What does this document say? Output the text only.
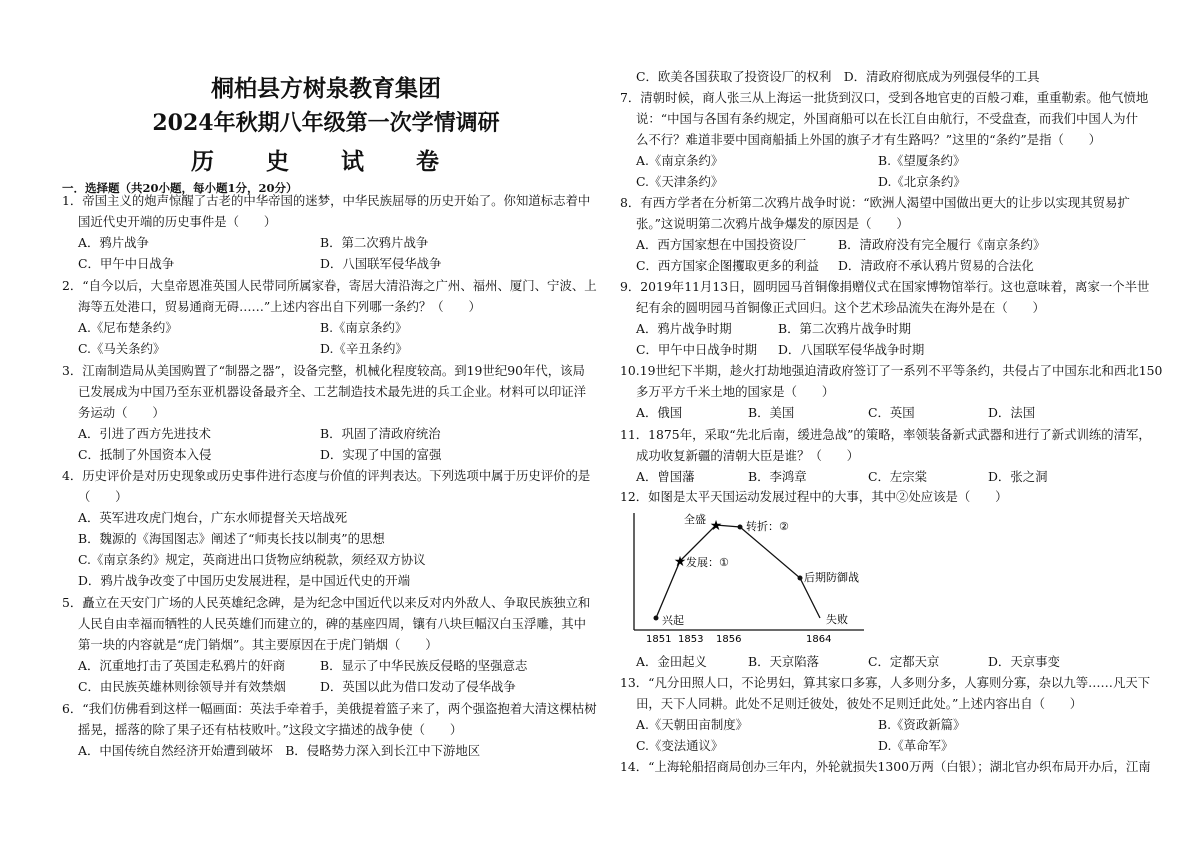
桐柏县方树泉教育集团
2024年秋期八年级第一次学情调研
历 史 试 卷
一．选择题（共20小题，每小题1分，20分）
1．帝国主义的炮声惊醒了古老的中华帝国的迷梦，中华民族屈辱的历史开始了。你知道标志着中
国近代史开端的历史事件是（　　）
A．鸦片战争	B．第二次鸦片战争
C．甲午中日战争	D．八国联军侵华战争
2．“自今以后，大皇帝恩准英国人民带同所属家眷，寄居大清沿海之广州、福州、厦门、宁波、上
海等五处港口，贸易通商无碍……”上述内容出自下列哪一条约？（　　）
A.《尼布楚条约》	B.《南京条约》
C.《马关条约》	D.《辛丑条约》
3．江南制造局从美国购置了“制器之器”，设备完整，机械化程度较高。到19世纪90年代，该局
已发展成为中国乃至东亚机器设备最齐全、工艺制造技术最先进的兵工企业。材料可以印证洋
务运动（　　）
A．引进了西方先进技术	B．巩固了清政府统治
C．抵制了外国资本入侵	D．实现了中国的富强
4．历史评价是对历史现象或历史事件进行态度与价值的评判表达。下列选项中属于历史评价的是
（　　）
A．英军进攻虎门炮台，广东水师提督关天培战死
B．魏源的《海国图志》阐述了“师夷长技以制夷”的思想
C.《南京条约》规定，英商进出口货物应纳税款，须经双方协议
D．鸦片战争改变了中国历史发展进程，是中国近代史的开端
5．矗立在天安门广场的人民英雄纪念碑，是为纪念中国近代以来反对内外敌人、争取民族独立和
人民自由幸福而牺牲的人民英雄们而建立的，碑的基座四周，镶有八块巨幅汉白玉浮雕，其中
第一块的内容就是“虎门销烟”。其主要原因在于虎门销烟（　　）
A．沉重地打击了英国走私鸦片的奸商	B．显示了中华民族反侵略的坚强意志
C．由民族英雄林则徐领导并有效禁烟	D．英国以此为借口发动了侵华战争
6．“我们仿佛看到这样一幅画面：英法手牵着手，美俄提着篮子来了，两个强盗抱着大清这棵枯树
摇晃，摇落的除了果子还有枯枝败叶。”这段文字描述的战争使（　　）
A．中国传统自然经济开始遭到破坏　B．侵略势力深入到长江中下游地区
C．欧美各国获取了投资设厂的权利　D．清政府彻底成为列强侵华的工具
7．清朝时候，商人张三从上海运一批货到汉口，受到各地官吏的百般刁难，重重勒索。他气愤地
说：“中国与各国有条约规定，外国商船可以在长江自由航行，不受盘查，而我们中国人为什
么不行？难道非要中国商船插上外国的旗子才有生路吗？”这里的“条约”是指（　　）
A.《南京条约》	B.《望厦条约》
C.《天津条约》	D.《北京条约》
8．有西方学者在分析第二次鸦片战争时说：“欧洲人渴望中国做出更大的让步以实现其贸易扩
张。”这说明第二次鸦片战争爆发的原因是（　　）
A．西方国家想在中国投资设厂	B．清政府没有完全履行《南京条约》
C．西方国家企图攫取更多的利益 D．清政府不承认鸦片贸易的合法化
9．2019年11月13日，圆明园马首铜像捐赠仪式在国家博物馆举行。这也意味着，离家一个半世
纪有余的圆明园马首铜像正式回归。这个艺术珍品流失在海外是在（　　）
A．鸦片战争时期	B．第二次鸦片战争时期
C．甲午中日战争时期 D．八国联军侵华战争时期
10.19世纪下半期，趁火打劫地强迫清政府签订了一系列不平等条约，共侵占了中国东北和西北150
多万平方千米土地的国家是（　　）
A．俄国	B．美国	C．英国	D．法国
11．1875年，采取“先北后南，缓进急战”的策略，率领装备新式武器和进行了新式训练的清军，
成功收复新疆的清朝大臣是谁？（　　）
A．曾国藩	B．李鸿章	C．左宗棠	D．张之洞
12．如图是太平天国运动发展过程中的大事，其中②处应该是（　　）
A．金田起义	B．天京陷落	C．定都天京	D．天京事变
13．“凡分田照人口，不论男妇，算其家口多寡，人多则分多，人寡则分寡，杂以九等……凡天下
田，天下人同耕。此处不足则迁彼处，彼处不足则迁此处。”上述内容出自（　　）
A.《天朝田亩制度》	B.《资政新篇》
C.《变法通议》	D.《革命军》
14．“上海轮船招商局创办三年内，外轮就损失1300万两（白银）；湖北官办织布局开办后，江南
★
★
兴起
发展：①
全盛
转折：②
后期防御战
失败
1851 1853 1856	1864
